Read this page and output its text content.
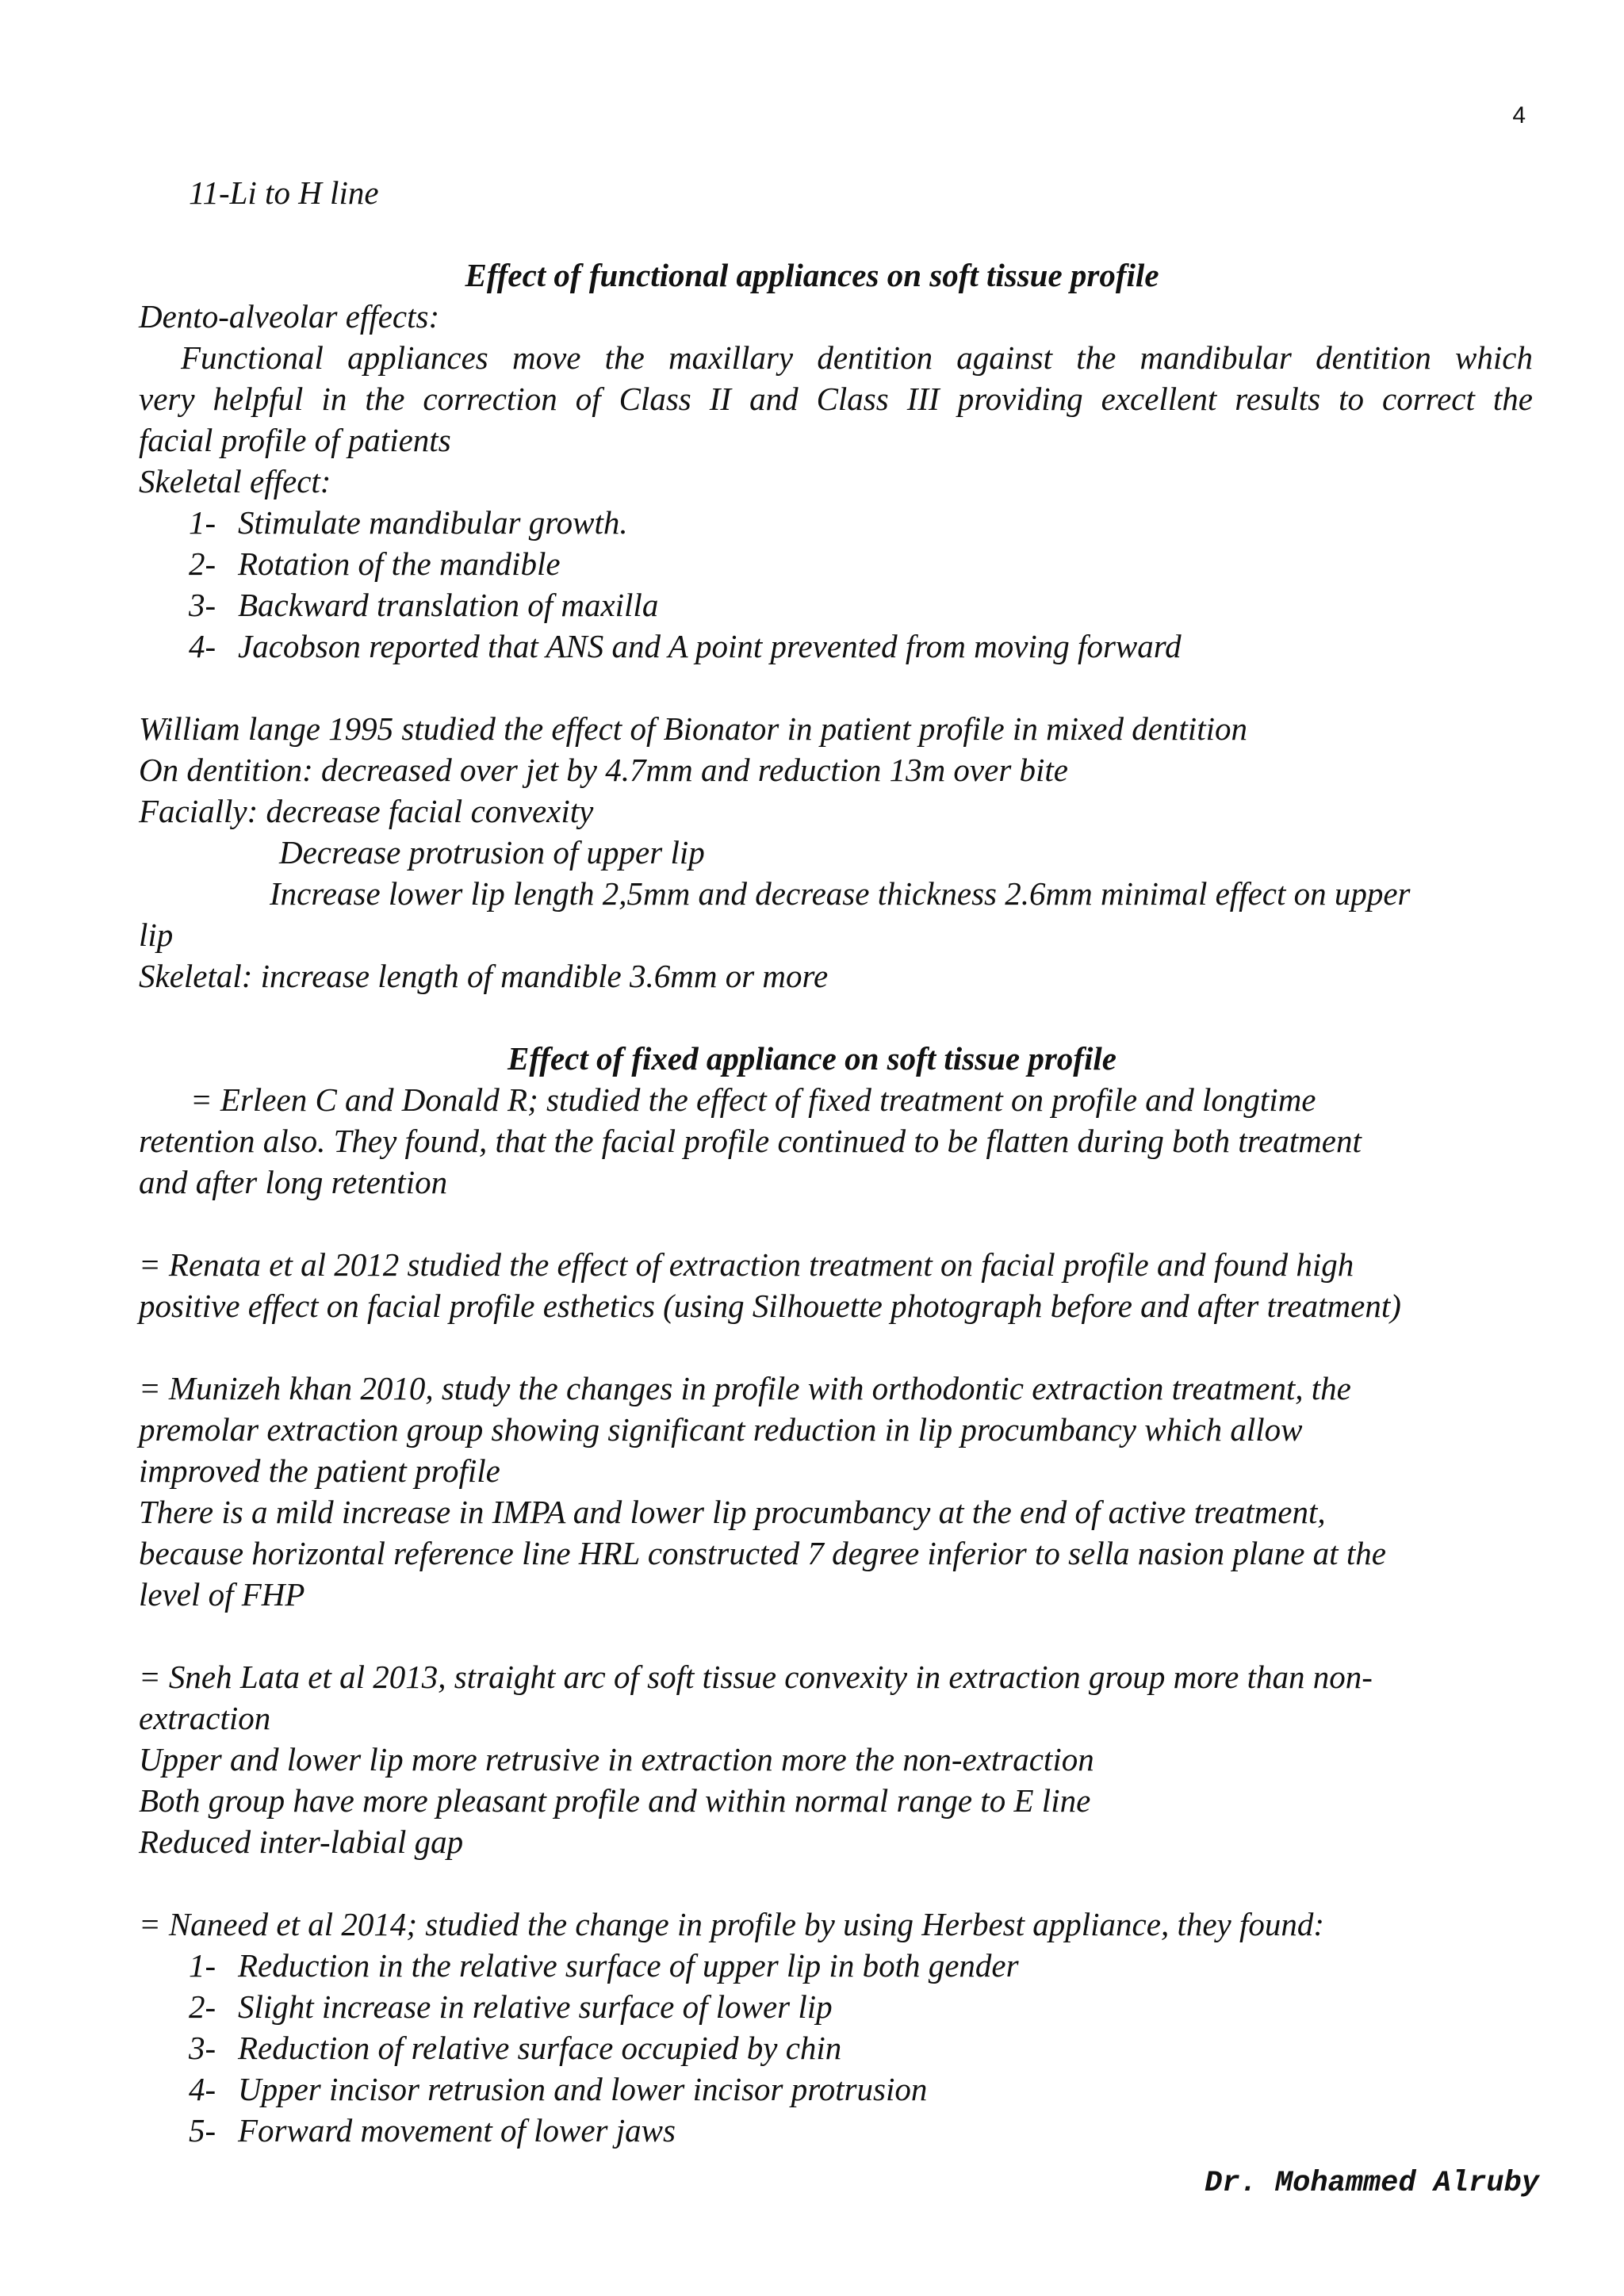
4
11-Li to H line
Effect of functional appliances on soft tissue profile
Dento-alveolar effects:
Functional appliances move the maxillary dentition against the mandibular dentition which
very helpful in the correction of Class II and Class III providing excellent results to correct the
facial profile of patients
Skeletal effect:
1- Stimulate mandibular growth.
2- Rotation of the mandible
3- Backward translation of maxilla
4- Jacobson reported that ANS and A point prevented from moving forward
William lange 1995 studied the effect of Bionator in patient profile in mixed dentition
On dentition: decreased over jet by 4.7mm and reduction 13m over bite
Facially: decrease facial convexity
Decrease protrusion of upper lip
Increase lower lip length 2,5mm and decrease thickness 2.6mm minimal effect on upper
lip
Skeletal: increase length of mandible 3.6mm or more
Effect of fixed appliance on soft tissue profile
= Erleen C and Donald R; studied the effect of fixed treatment on profile and longtime
retention also. They found, that the facial profile continued to be flatten during both treatment
and after long retention
= Renata et al 2012 studied the effect of extraction treatment on facial profile and found high
positive effect on facial profile esthetics (using Silhouette photograph before and after treatment)
= Munizeh khan 2010, study the changes in profile with orthodontic extraction treatment, the
premolar extraction group showing significant reduction in lip procumbancy which allow
improved the patient profile
There is a mild increase in IMPA and lower lip procumbancy at the end of active treatment,
because horizontal reference line HRL constructed 7 degree inferior to sella nasion plane at the
level of FHP
= Sneh Lata et al 2013, straight arc of soft tissue convexity in extraction group more than non-
extraction
Upper and lower lip more retrusive in extraction more the non-extraction
Both group have more pleasant profile and within normal range to E line
Reduced inter-labial gap
= Naneed et al 2014; studied the change in profile by using Herbest appliance, they found:
1- Reduction in the relative surface of upper lip in both gender
2- Slight increase in relative surface of lower lip
3- Reduction of relative surface occupied by chin
4- Upper incisor retrusion and lower incisor protrusion
5- Forward movement of lower jaws
Dr. Mohammed Alruby
